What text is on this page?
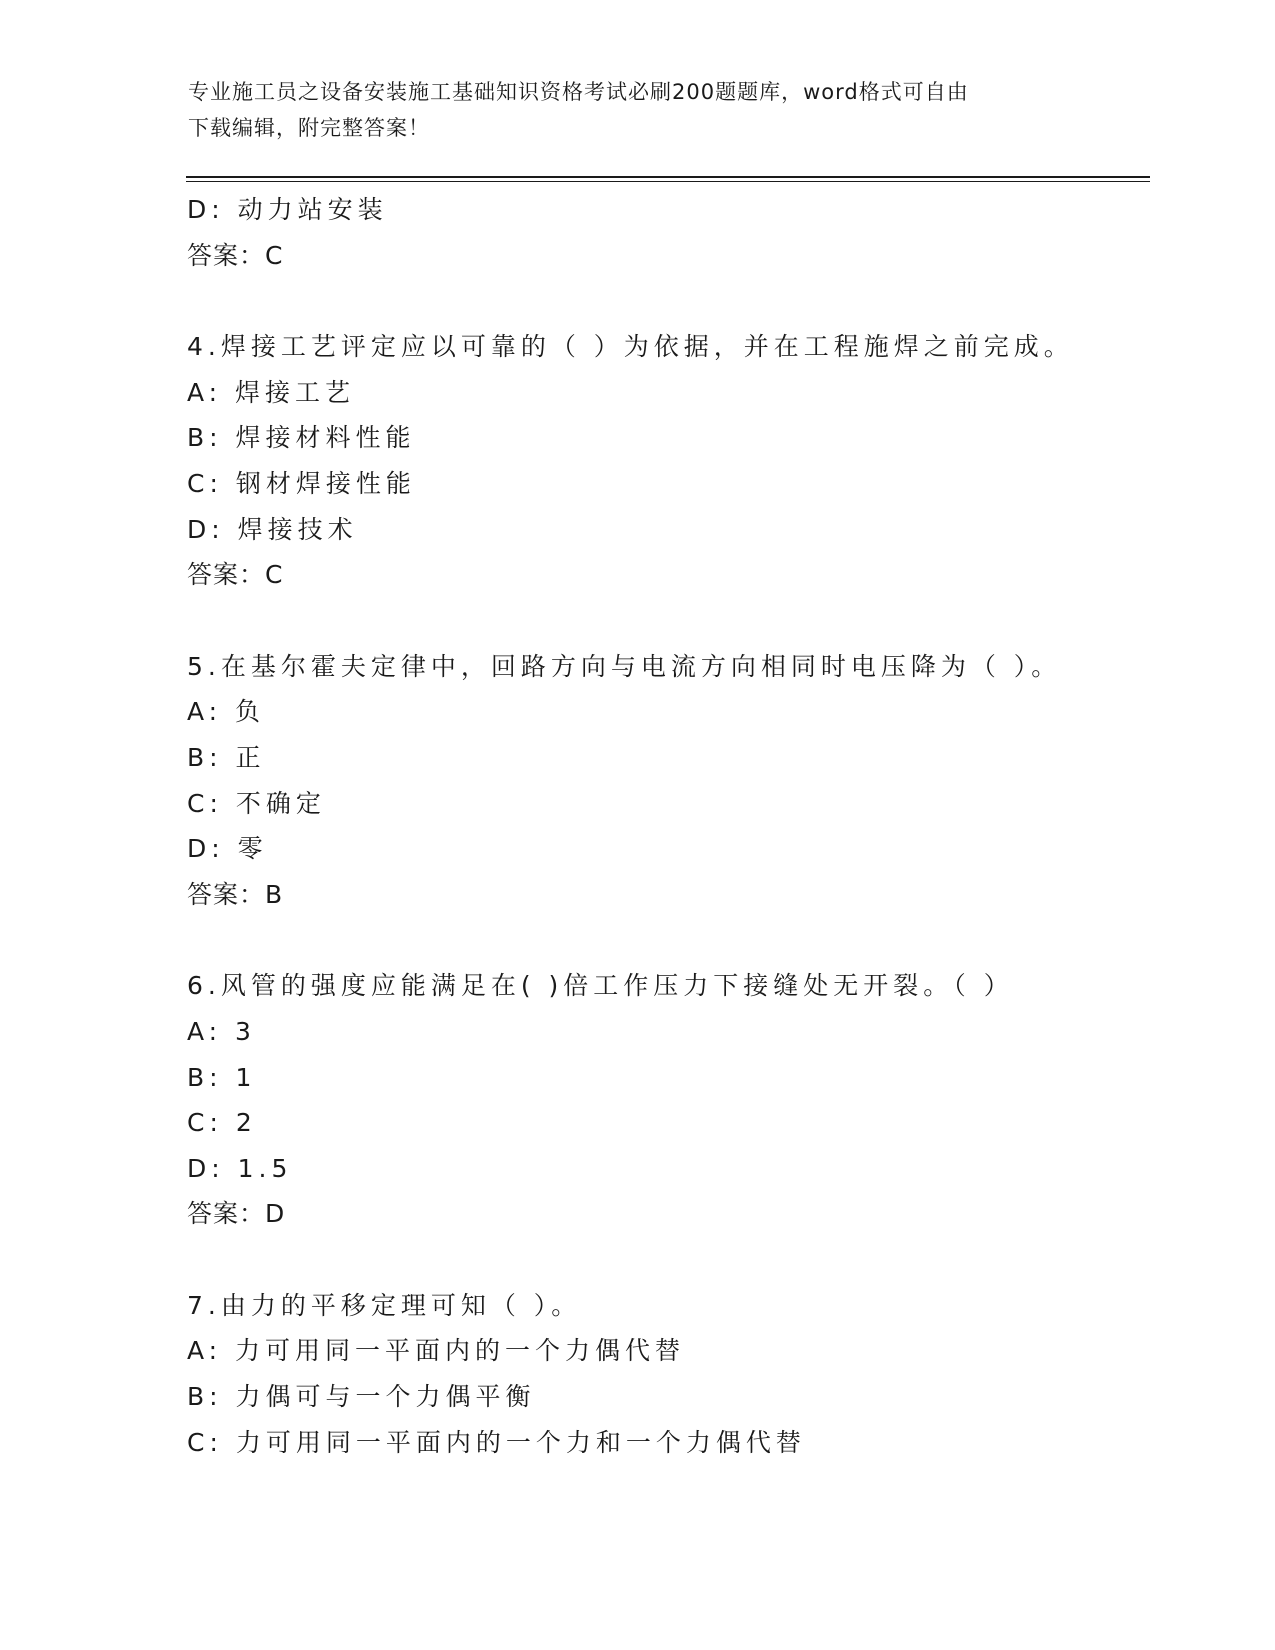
专业施工员之设备安装施工基础知识资格考试必刷200题题库，word格式可自由
下载编辑，附完整答案！
D: 动力站安装
答案：C
4.焊接工艺评定应以可靠的（ ）为依据，并在工程施焊之前完成。
A: 焊接工艺
B: 焊接材料性能
C: 钢材焊接性能
D: 焊接技术
答案：C
5.在基尔霍夫定律中，回路方向与电流方向相同时电压降为（ ）。
A: 负
B: 正
C: 不确定
D: 零
答案：B
6.风管的强度应能满足在( )倍工作压力下接缝处无开裂。（ ）
A: 3
B: 1
C: 2
D: 1.5
答案：D
7.由力的平移定理可知（ ）。
A: 力可用同一平面内的一个力偶代替
B: 力偶可与一个力偶平衡
C: 力可用同一平面内的一个力和一个力偶代替
